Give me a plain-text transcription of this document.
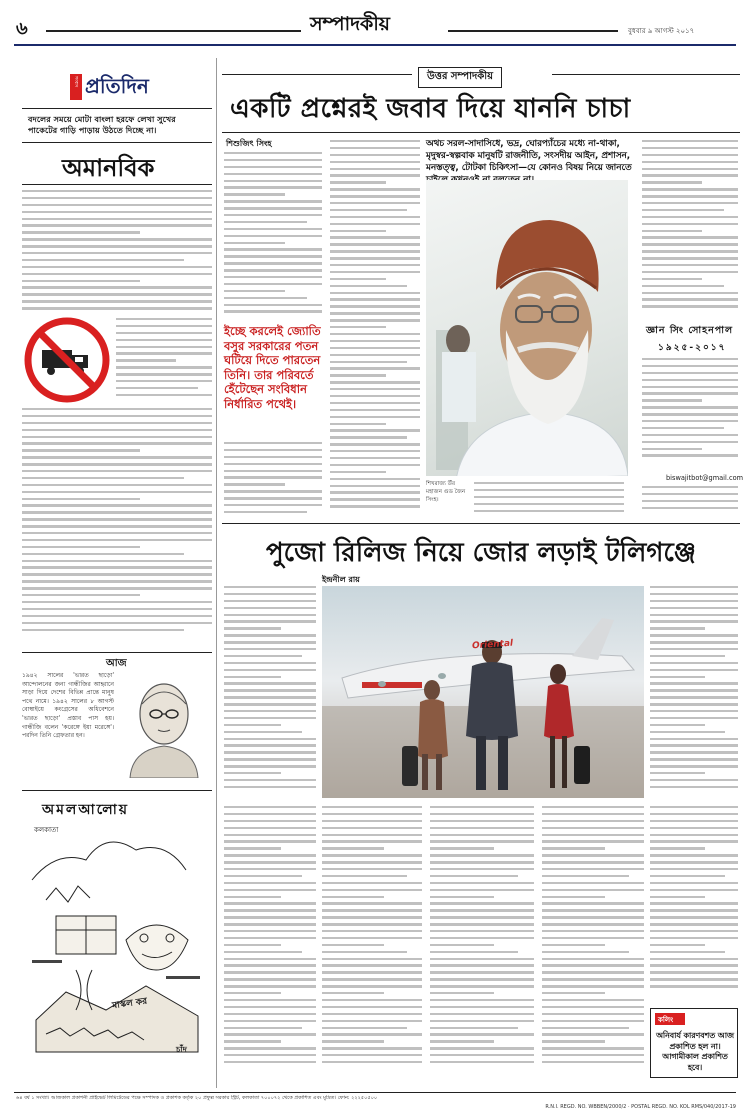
৬	সম্পাদকীয়	বুধবার ৯ আগস্ট ২০১৭
সংবাদ প্রতিদিন
বদলের সময়ে মোটা বাংলা হরফে লেখা সুখের পাকেটের গাড়ি পাড়ায় উঠতে দিচ্ছে না।
অমানবিক
আজ
১৯৪২ সালের 'ভারত ছাড়ো' আন্দোলনের জন্য গান্ধীজির আহ্বানে সাড়া দিয়ে দেশের বিভিন্ন প্রান্তে মানুষ পথে নামে। ১৯৪২ সালের ৮ আগস্ট বোম্বাইয়ে কংগ্রেসের অধিবেশনে 'ভারত ছাড়ো' প্রস্তাব পাস হয়। গান্ধীজি বলেন 'করেঙ্গে ইয়া মরেঙ্গে'। পরদিন তিনি গ্রেফতার হন।
অমলআলোয়
মাস্কল কর
কলকাতা
চাঁদ
উত্তর সম্পাদকীয়
একটি প্রশ্নেরই জবাব দিয়ে যাননি চাচা
শিশুজিৎ সিংহ
ইচ্ছে করলেই জ্যোতি বসুর সরকারের পতন ঘটিয়ে দিতে পারতেন তিনি। তার পরিবর্তে হেঁটেছেন সংবিধান নির্ধারিত পথেই।
অথচ সরল-সাদাসিধে, ভদ্র, ঘোরপ্যাঁচের মধ্যে না-থাকা, মৃদুস্বর-স্বল্পবাক মানুষটি রাজনীতি, সংসদীয় আইন, প্রশাসন, মনস্তত্ত্ব, টোটকা চিকিৎসা—যে কোনও বিষয় নিয়ে জানতে
জ্ঞান সিং সোহনপাল
১৯২৫-২০১৭
biswajitbot@gmail.com
শিখরাজ্য উঁর মহাজন গুড জৈন সিংহ।
পুজো রিলিজ নিয়ে জোর লড়াই টলিগঞ্জে
ইন্দ্রনীল রায়
Oriental
কলিং
অনিবার্য কারণবশত আজ প্রকাশিত হল না। আগামীকাল প্রকাশিত হবে।
৬৪ বর্ষ ১ সংখ্যা। আজকাল প্রকাশনী প্রাইভেট লিমিটেডের পক্ষে সম্পাদক ও প্রকাশক কর্তৃক ২০ প্রফুল্ল সরকার স্ট্রিট, কলকাতা ৭০০০৭২ থেকে প্রকাশিত এবং মুদ্রিত। ফোন: ২২২৫০৫০০
R.N.I. REGD. NO. WBBEN/2000/2 · POSTAL REGD. NO. KOL RMS/040/2017-19
